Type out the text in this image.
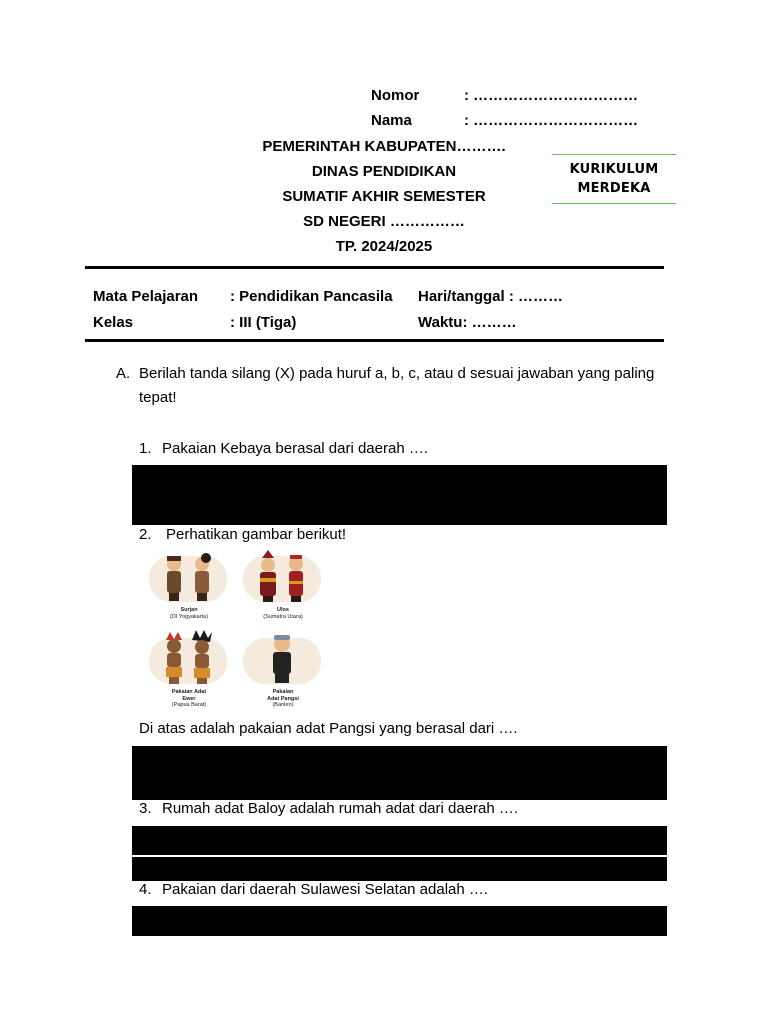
Nomor	: ……………………………
Nama	: ……………………………
PEMERINTAH KABUPATEN……….
DINAS PENDIDIKAN
SUMATIF AKHIR SEMESTER
SD NEGERI ……………
TP. 2024/2025
KURIKULUM
MERDEKA
Mata Pelajaran : Pendidikan Pancasila Hari/tanggal : ………
Kelas	: III (Tiga)	Waktu: ………
A. Berilah tanda silang (X) pada huruf a, b, c, atau d sesuai jawaban yang paling
tepat!
1. Pakaian Kebaya berasal dari daerah ….
2. Perhatikan gambar berikut!
Surjan
(DI Yogyakarta)
Ulos
(Sumatra Utara)
Pakaian Adat
Ewer
(Papua Barat)
Pakaian
Adat Pangsi
(Banten)
Di atas adalah pakaian adat Pangsi yang berasal dari ….
3. Rumah adat Baloy adalah rumah adat dari daerah ….
4. Pakaian dari daerah Sulawesi Selatan adalah ….
